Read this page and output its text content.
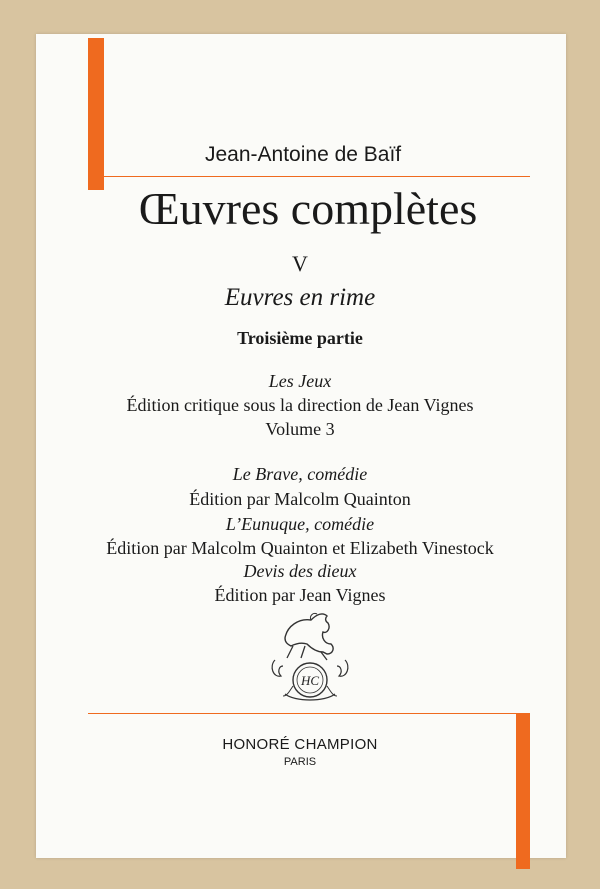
Jean-Antoine de Baïf
Œuvres complètes
V
Euvres en rime
Troisième partie
Les Jeux
Édition critique sous la direction de Jean Vignes
Volume 3
Le Brave, comédie
Édition par Malcolm Quainton
L’Eunuque, comédie
Édition par Malcolm Quainton et Elizabeth Vinestock
Devis des dieux
Édition par Jean Vignes
HC
HONORÉ CHAMPION
PARIS
